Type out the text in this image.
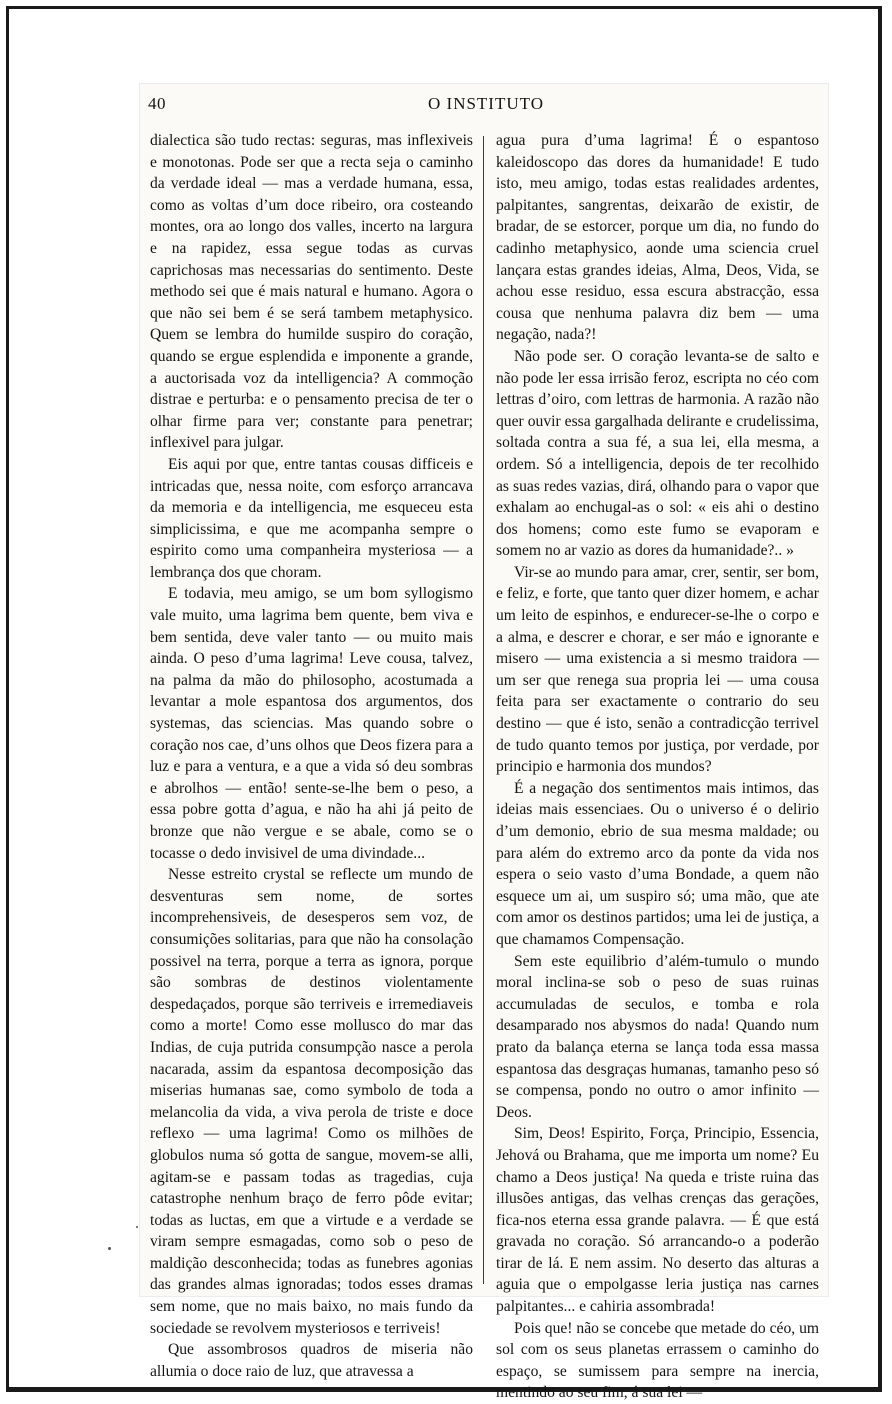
40	O INSTITUTO

dialectica são tudo rectas: seguras, mas inflexiveis e monotonas. Pode ser que a recta seja o caminho da verdade ideal — mas a verdade humana, essa, como as voltas d’um doce ribeiro, ora costeando montes, ora ao longo dos valles, incerto na largura e na rapidez, essa segue todas as curvas caprichosas mas necessarias do sentimento. Deste methodo sei que é mais natural e humano. Agora o que não sei bem é se será tambem metaphysico. Quem se lembra do humilde suspiro do coração, quando se ergue esplendida e imponente a grande, a auctorisada voz da intelligencia? A commoção distrae e perturba: e o pensamento precisa de ter o olhar firme para ver; constante para penetrar; inflexivel para julgar.

Eis aqui por que, entre tantas cousas difficeis e intricadas que, nessa noite, com esforço arrancava da memoria e da intelligencia, me esqueceu esta simplicissima, e que me acompanha sempre o espirito como uma companheira mysteriosa — a lembrança dos que choram.

E todavia, meu amigo, se um bom syllogismo vale muito, uma lagrima bem quente, bem viva e bem sentida, deve valer tanto — ou muito mais ainda. O peso d’uma lagrima! Leve cousa, talvez, na palma da mão do philosopho, acostumada a levantar a mole espantosa dos argumentos, dos systemas, das sciencias. Mas quando sobre o coração nos cae, d’uns olhos que Deos fizera para a luz e para a ventura, e a que a vida só deu sombras e abrolhos — então! sente-se-lhe bem o peso, a essa pobre gotta d’agua, e não ha ahi já peito de bronze que não vergue e se abale, como se o tocasse o dedo invisivel de uma divindade...

Nesse estreito crystal se reflecte um mundo de desventuras sem nome, de sortes incomprehensiveis, de desesperos sem voz, de consumições solitarias, para que não ha consolação possivel na terra, porque a terra as ignora, porque são sombras de destinos violentamente despedaçados, porque são terriveis e irremediaveis como a morte! Como esse mollusco do mar das Indias, de cuja putrida consumpção nasce a perola nacarada, assim da espantosa decomposição das miserias humanas sae, como symbolo de toda a melancolia da vida, a viva perola de triste e doce reflexo — uma lagrima! Como os milhões de globulos numa só gotta de sangue, movem-se alli, agitam-se e passam todas as tragedias, cuja catastrophe nenhum braço de ferro pôde evitar; todas as luctas, em que a virtude e a verdade se viram sempre esmagadas, como sob o peso de maldição desconhecida; todas as funebres agonias das grandes almas ignoradas; todos esses dramas sem nome, que no mais baixo, no mais fundo da sociedade se revolvem mysteriosos e terriveis!

Que assombrosos quadros de miseria não allumia o doce raio de luz, que atravessa a

agua pura d’uma lagrima! É o espantoso kaleidoscopo das dores da humanidade! E tudo isto, meu amigo, todas estas realidades ardentes, palpitantes, sangrentas, deixarão de existir, de bradar, de se estorcer, porque um dia, no fundo do cadinho metaphysico, aonde uma sciencia cruel lançara estas grandes ideias, Alma, Deos, Vida, se achou esse residuo, essa escura abstracção, essa cousa que nenhuma palavra diz bem — uma negação, nada?!

Não pode ser. O coração levanta-se de salto e não pode ler essa irrisão feroz, escripta no céo com lettras d’oiro, com lettras de harmonia. A razão não quer ouvir essa gargalhada delirante e crudelissima, soltada contra a sua fé, a sua lei, ella mesma, a ordem. Só a intelligencia, depois de ter recolhido as suas redes vazias, dirá, olhando para o vapor que exhalam ao enchugal-as o sol: « eis ahi o destino dos homens; como este fumo se evaporam e somem no ar vazio as dores da humanidade?.. »

Vir-se ao mundo para amar, crer, sentir, ser bom, e feliz, e forte, que tanto quer dizer homem, e achar um leito de espinhos, e endurecer-se-lhe o corpo e a alma, e descrer e chorar, e ser máo e ignorante e misero — uma existencia a si mesmo traidora — um ser que renega sua propria lei — uma cousa feita para ser exactamente o contrario do seu destino — que é isto, senão a contradicção terrivel de tudo quanto temos por justiça, por verdade, por principio e harmonia dos mundos?

É a negação dos sentimentos mais intimos, das ideias mais essenciaes. Ou o universo é o delirio d’um demonio, ebrio de sua mesma maldade; ou para além do extremo arco da ponte da vida nos espera o seio vasto d’uma Bondade, a quem não esquece um ai, um suspiro só; uma mão, que ate com amor os destinos partidos; uma lei de justiça, a que chamamos Compensação.

Sem este equilibrio d’além-tumulo o mundo moral inclina-se sob o peso de suas ruinas accumuladas de seculos, e tomba e rola desamparado nos abysmos do nada! Quando num prato da balança eterna se lança toda essa massa espantosa das desgraças humanas, tamanho peso só se compensa, pondo no outro o amor infinito — Deos.

Sim, Deos! Espirito, Força, Principio, Essencia, Jehová ou Brahama, que me importa um nome? Eu chamo a Deos justiça! Na queda e triste ruina das illusões antigas, das velhas crenças das gerações, fica-nos eterna essa grande palavra. — É que está gravada no coração. Só arrancando-o a poderão tirar de lá. E nem assim. No deserto das alturas a aguia que o empolgasse leria justiça nas carnes palpitantes... e cahiria assombrada!

Pois que! não se concebe que metade do céo, um sol com os seus planetas errassem o caminho do espaço, se sumissem para sempre na inercia, mentindo ao seu fim, á sua lei —
